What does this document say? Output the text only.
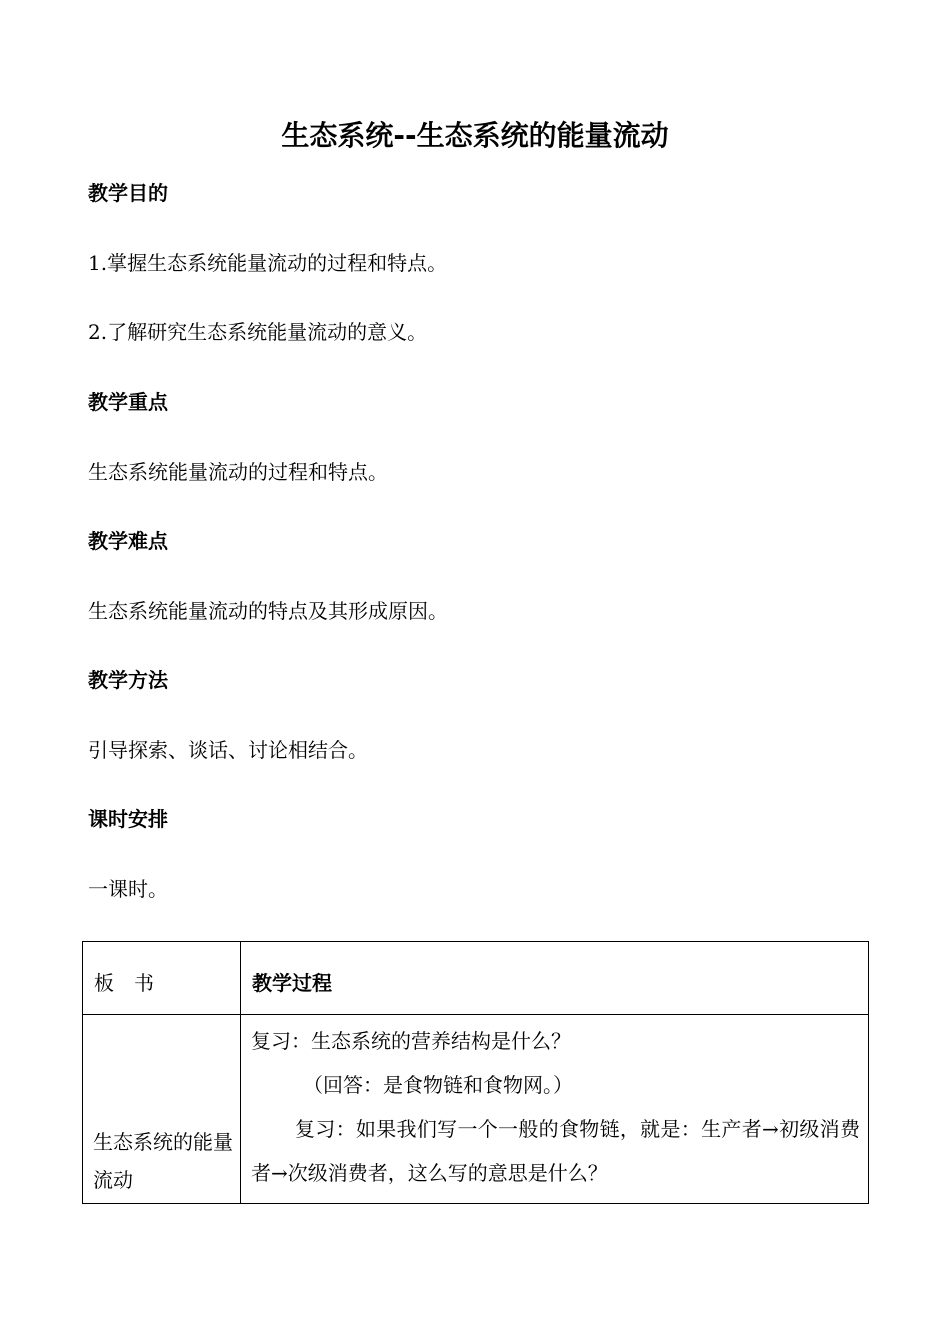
生态系统--生态系统的能量流动
教学目的
1.掌握生态系统能量流动的过程和特点。
2.了解研究生态系统能量流动的意义。
教学重点
生态系统能量流动的过程和特点。
教学难点
生态系统能量流动的特点及其形成原因。
教学方法
引导探索、谈话、讨论相结合。
课时安排
一课时。
板　书	教学过程

生态系统的能量流动	复习：生态系统的营养结构是什么？

（回答：是食物链和食物网。）

复习：如果我们写一个一般的食物链，就是：生产者→初级消费者→次级消费者，这么写的意思是什么？
